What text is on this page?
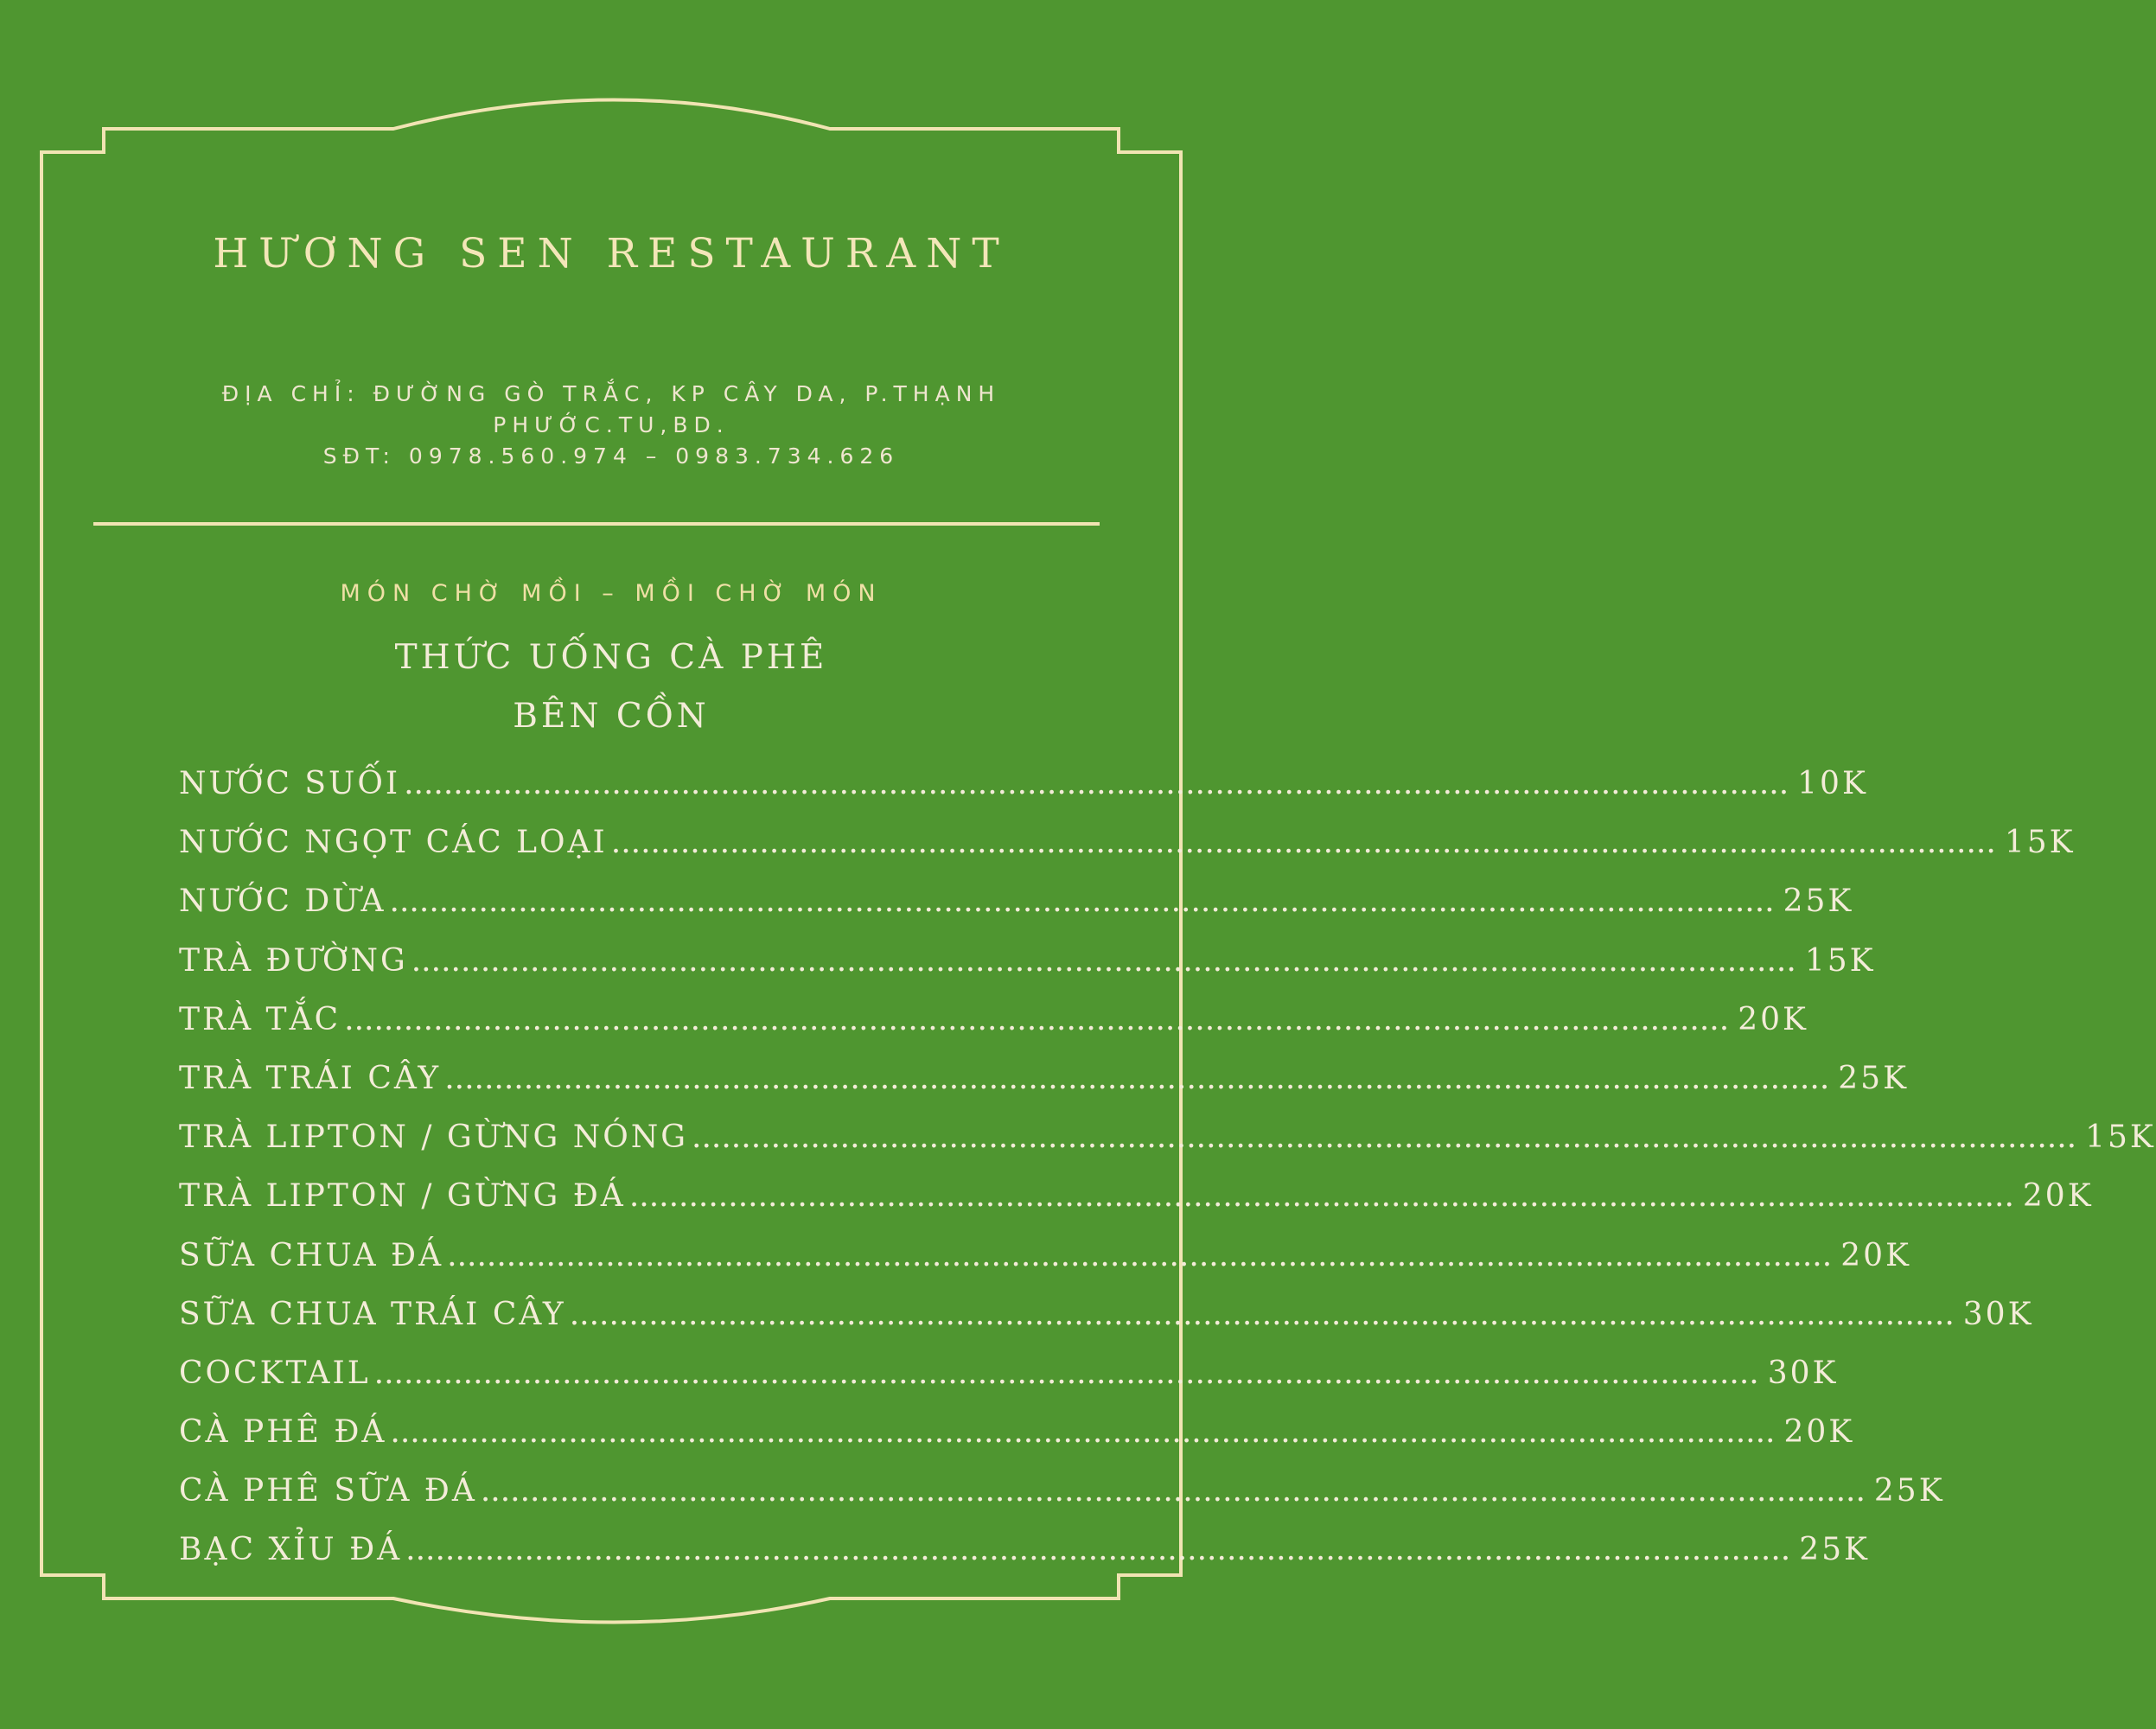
HƯƠNG SEN RESTAURANT
ĐỊA CHỈ: ĐƯỜNG GÒ TRẮC, KP CÂY DA, P.THẠNH
PHƯỚC.TU,BD.
SĐT: 0978.560.974 – 0983.734.626
MÓN CHỜ MỒI – MỒI CHỜ MÓN
THỨC UỐNG CÀ PHÊ
BÊN CỒN
NƯỚC SUỐI ............................................................................................................................................ 10K
NƯỚC NGỌT CÁC LOẠI ............................................................................................................................................ 15K
NƯỚC DỪA ............................................................................................................................................ 25K
TRÀ ĐƯỜNG ............................................................................................................................................ 15K
TRÀ TẮC ............................................................................................................................................ 20K
TRÀ TRÁI CÂY ............................................................................................................................................ 25K
TRÀ LIPTON / GỪNG NÓNG ............................................................................................................................................ 15K
TRÀ LIPTON / GỪNG ĐÁ ............................................................................................................................................ 20K
SỮA CHUA ĐÁ ............................................................................................................................................ 20K
SỮA CHUA TRÁI CÂY ............................................................................................................................................ 30K
COCKTAIL ............................................................................................................................................ 30K
CÀ PHÊ ĐÁ ............................................................................................................................................ 20K
CÀ PHÊ SỮA ĐÁ ............................................................................................................................................ 25K
BẠC XỈU ĐÁ ............................................................................................................................................ 25K
